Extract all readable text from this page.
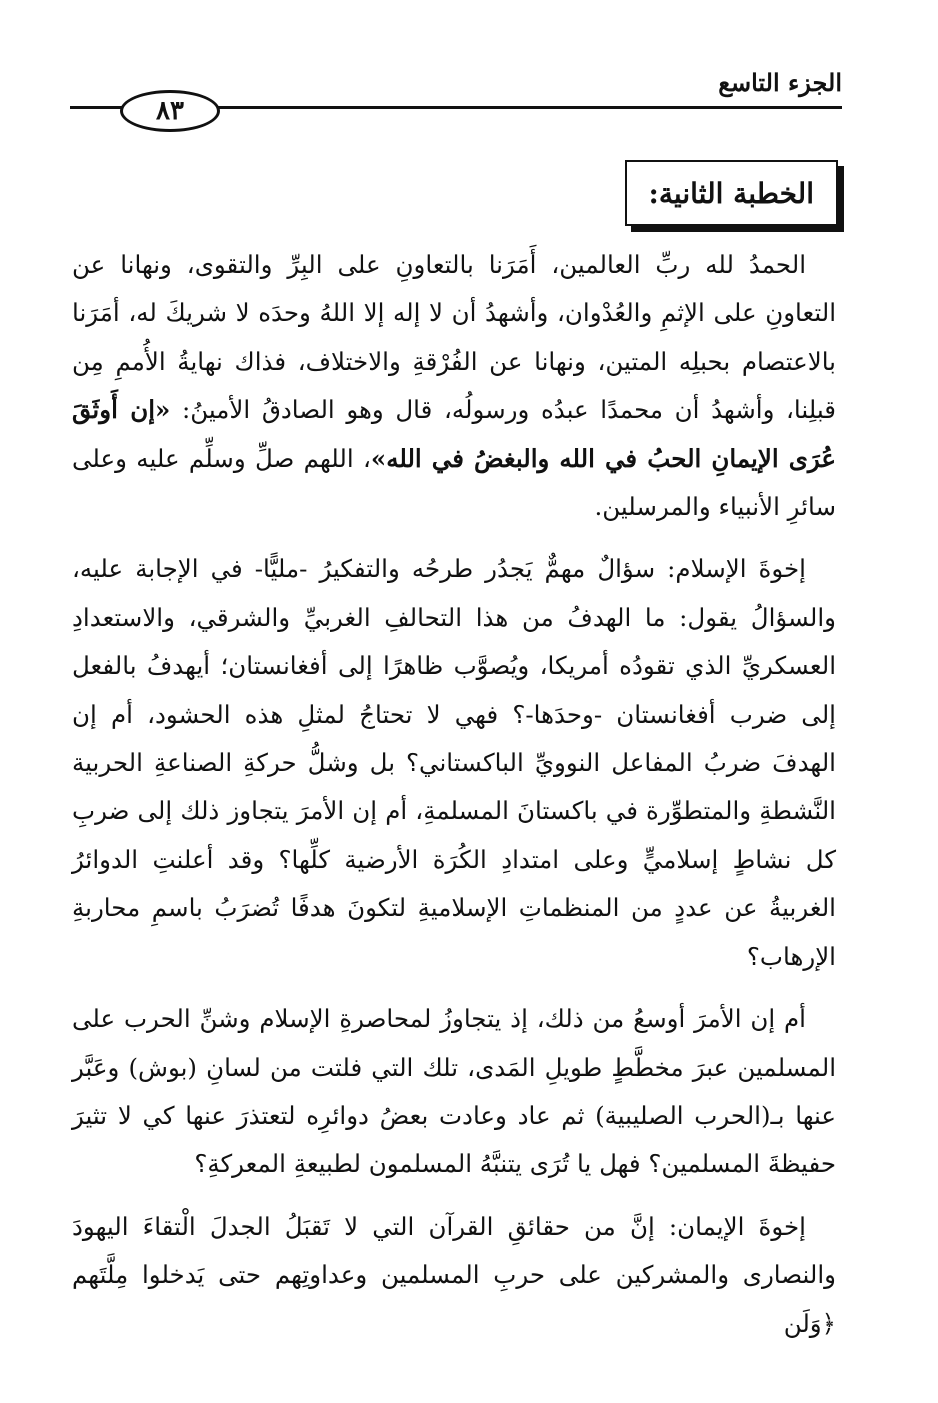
الجزء التاسع
٨٣
الخطبة الثانية:

الحمدُ لله ربِّ العالمين، أَمَرَنا بالتعاونِ على البِرِّ والتقوى، ونهانا عن التعاونِ على الإثمِ والعُدْوان، وأشهدُ أن لا إله إلا اللهُ وحدَه لا شريكَ له، أمَرَنا بالاعتصام بحبلِه المتين، ونهانا عن الفُرْقةِ والاختلاف، فذاك نهايةُ الأُممِ مِن قبلِنا، وأشهدُ أن محمدًا عبدُه ورسولُه، قال وهو الصادقُ الأمينُ: «إن أَوثَقَ عُرَى الإيمانِ الحبُ في الله والبغضُ في الله»، اللهم صلِّ وسلِّم عليه وعلى سائرِ الأنبياء والمرسلين.

إخوةَ الإسلام: سؤالٌ مهمٌّ يَجدُر طرحُه والتفكيرُ -مليًّا- في الإجابة عليه، والسؤالُ يقول: ما الهدفُ من هذا التحالفِ الغربيِّ والشرقي، والاستعدادِ العسكريِّ الذي تقودُه أمريكا، ويُصوَّب ظاهرًا إلى أفغانستان؛ أيهدفُ بالفعل إلى ضرب أفغانستان -وحدَها-؟ فهي لا تحتاجُ لمثلِ هذه الحشود، أم إن الهدفَ ضربُ المفاعل النوويِّ الباكستاني؟ بل وشلُّ حركةِ الصناعةِ الحربية النَّشطةِ والمتطوِّرة في باكستانَ المسلمةِ، أم إن الأمرَ يتجاوز ذلك إلى ضربِ كل نشاطٍ إسلاميٍّ وعلى امتدادِ الكُرَة الأرضية كلِّها؟ وقد أعلنتِ الدوائرُ الغربيةُ عن عددٍ من المنظماتِ الإسلاميةِ لتكونَ هدفًا تُضرَبُ باسمِ محاربةِ الإرهاب؟

أم إن الأمرَ أوسعُ من ذلك، إذ يتجاوزُ لمحاصرةِ الإسلام وشنِّ الحرب على المسلمين عبرَ مخطَّطٍ طويلِ المَدى، تلك التي فلتت من لسانِ (بوش) وعَبَّر عنها بـ(الحرب الصليبية) ثم عاد وعادت بعضُ دوائرِه لتعتذرَ عنها كي لا تثيرَ حفيظةَ المسلمين؟ فهل يا تُرَى يتنبَّهُ المسلمون لطبيعةِ المعركةِ؟

إخوةَ الإيمان: إنَّ من حقائقِ القرآن التي لا تَقبَلُ الجدلَ الْتقاءَ اليهودَ والنصارى والمشركين على حربِ المسلمين وعداوتِهم حتى يَدخلوا مِلَّتَهم ﴿وَلَن
